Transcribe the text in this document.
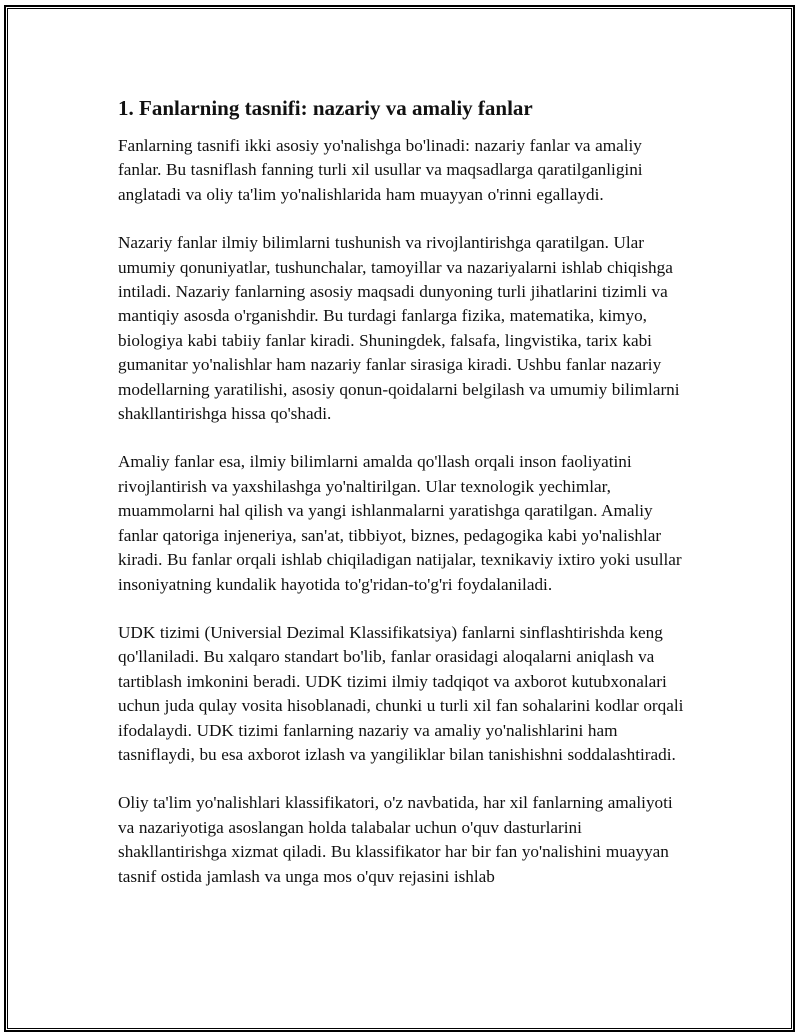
1. Fanlarning tasnifi: nazariy va amaliy fanlar

Fanlarning tasnifi ikki asosiy yo'nalishga bo'linadi: nazariy fanlar va amaliy fanlar. Bu tasniflash fanning turli xil usullar va maqsadlarga qaratilganligini anglatadi va oliy ta'lim yo'nalishlarida ham muayyan o'rinni egallaydi.

Nazariy fanlar ilmiy bilimlarni tushunish va rivojlantirishga qaratilgan. Ular umumiy qonuniyatlar, tushunchalar, tamoyillar va nazariyalarni ishlab chiqishga intiladi. Nazariy fanlarning asosiy maqsadi dunyoning turli jihatlarini tizimli va mantiqiy asosda o'rganishdir. Bu turdagi fanlarga fizika, matematika, kimyo, biologiya kabi tabiiy fanlar kiradi. Shuningdek, falsafa, lingvistika, tarix kabi gumanitar yo'nalishlar ham nazariy fanlar sirasiga kiradi. Ushbu fanlar nazariy modellarning yaratilishi, asosiy qonun-qoidalarni belgilash va umumiy bilimlarni shakllantirishga hissa qo'shadi.

Amaliy fanlar esa, ilmiy bilimlarni amalda qo'llash orqali inson faoliyatini rivojlantirish va yaxshilashga yo'naltirilgan. Ular texnologik yechimlar, muammolarni hal qilish va yangi ishlanmalarni yaratishga qaratilgan. Amaliy fanlar qatoriga injeneriya, san'at, tibbiyot, biznes, pedagogika kabi yo'nalishlar kiradi. Bu fanlar orqali ishlab chiqiladigan natijalar, texnikaviy ixtiro yoki usullar insoniyatning kundalik hayotida to'g'ridan-to'g'ri foydalaniladi.

UDK tizimi (Universial Dezimal Klassifikatsiya) fanlarni sinflashtirishda keng qo'llaniladi. Bu xalqaro standart bo'lib, fanlar orasidagi aloqalarni aniqlash va tartiblash imkonini beradi. UDK tizimi ilmiy tadqiqot va axborot kutubxonalari uchun juda qulay vosita hisoblanadi, chunki u turli xil fan sohalarini kodlar orqali ifodalaydi. UDK tizimi fanlarning nazariy va amaliy yo'nalishlarini ham tasniflaydi, bu esa axborot izlash va yangiliklar bilan tanishishni soddalashtiradi.

Oliy ta'lim yo'nalishlari klassifikatori, o'z navbatida, har xil fanlarning amaliyoti va nazariyotiga asoslangan holda talabalar uchun o'quv dasturlarini shakllantirishga xizmat qiladi. Bu klassifikator har bir fan yo'nalishini muayyan tasnif ostida jamlash va unga mos o'quv rejasini ishlab
